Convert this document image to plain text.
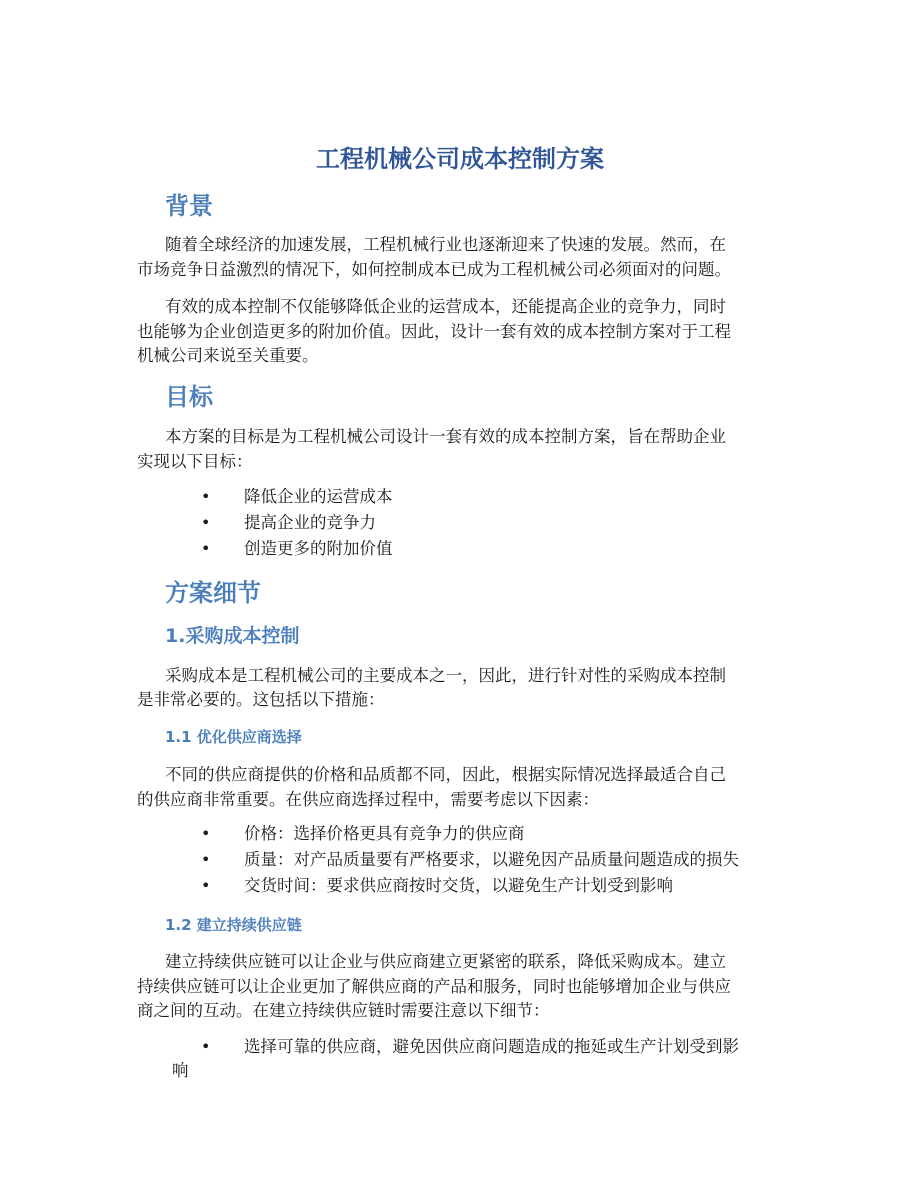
工程机械公司成本控制方案
背景

随着全球经济的加速发展，工程机械行业也逐渐迎来了快速的发展。然而，在

市场竞争日益激烈的情况下，如何控制成本已成为工程机械公司必须面对的问题。

有效的成本控制不仅能够降低企业的运营成本，还能提高企业的竞争力，同时

也能够为企业创造更多的附加价值。因此，设计一套有效的成本控制方案对于工程

机械公司来说至关重要。

目标

本方案的目标是为工程机械公司设计一套有效的成本控制方案，旨在帮助企业

实现以下目标：

• 降低企业的运营成本

• 提高企业的竞争力

• 创造更多的附加价值

方案细节
1.采购成本控制

采购成本是工程机械公司的主要成本之一，因此，进行针对性的采购成本控制

是非常必要的。这包括以下措施：

1.1 优化供应商选择

不同的供应商提供的价格和品质都不同，因此，根据实际情况选择最适合自己

的供应商非常重要。在供应商选择过程中，需要考虑以下因素：

• 价格：选择价格更具有竞争力的供应商

• 质量：对产品质量要有严格要求，以避免因产品质量问题造成的损失

• 交货时间：要求供应商按时交货，以避免生产计划受到影响

1.2 建立持续供应链

建立持续供应链可以让企业与供应商建立更紧密的联系，降低采购成本。建立

持续供应链可以让企业更加了解供应商的产品和服务，同时也能够增加企业与供应

商之间的互动。在建立持续供应链时需要注意以下细节：

• 选择可靠的供应商，避免因供应商问题造成的拖延或生产计划受到影

响
